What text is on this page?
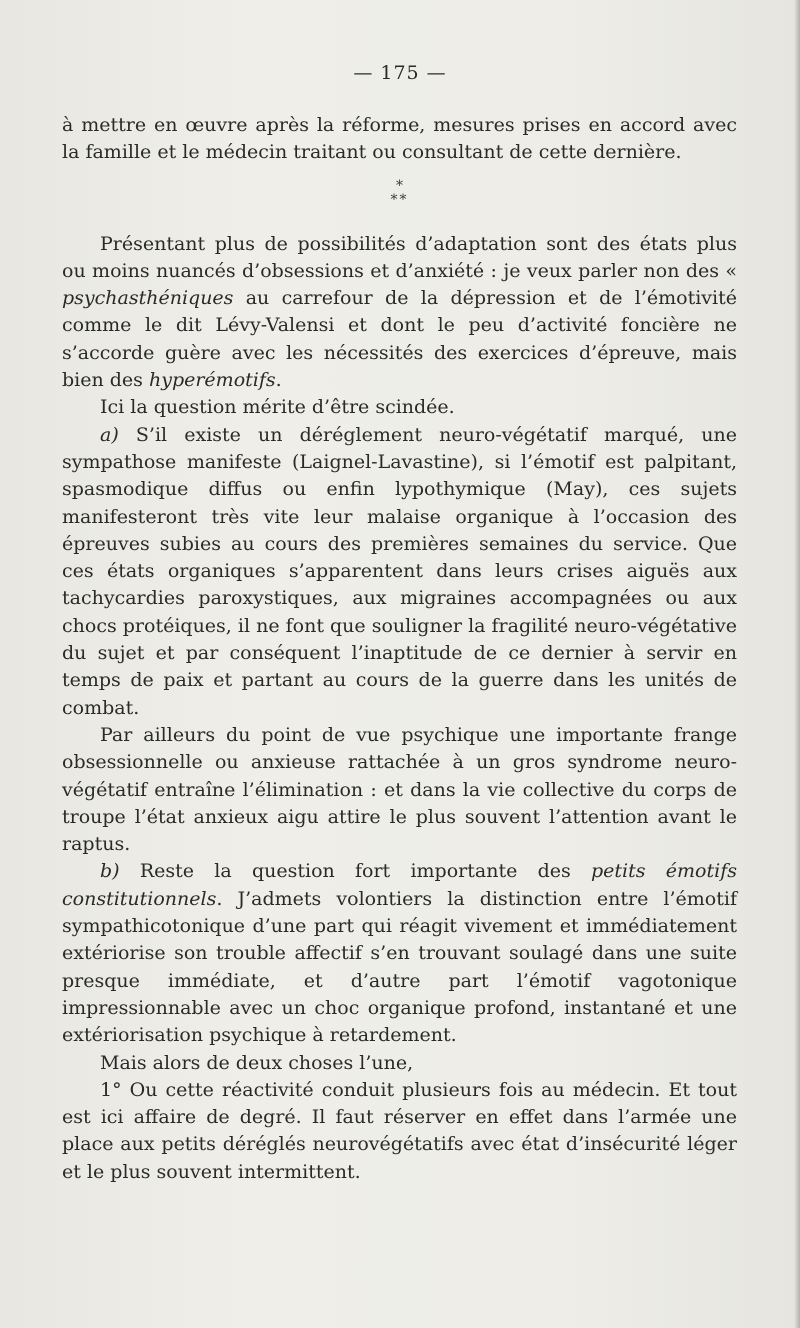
— 175 —

à mettre en œuvre après la réforme, mesures prises en accord avec la famille et le médecin traitant ou consultant de cette dernière.

*
**

Présentant plus de possibilités d’adaptation sont des états plus ou moins nuancés d’obsessions et d’anxiété : je veux parler non des « psychasthéniques au carrefour de la dépression et de l’émotivité comme le dit Lévy-Valensi et dont le peu d’activité foncière ne s’accorde guère avec les nécessités des exercices d’épreuve, mais bien des hyperémotifs.

Ici la question mérite d’être scindée.

a) S’il existe un déréglement neuro-végétatif marqué, une sympathose manifeste (Laignel-Lavastine), si l’émotif est palpitant, spasmodique diffus ou enfin lypothymique (May), ces sujets manifesteront très vite leur malaise organique à l’occasion des épreuves subies au cours des premières semaines du service. Que ces états organiques s’apparentent dans leurs crises aiguës aux tachycardies paroxystiques, aux migraines accompagnées ou aux chocs protéiques, il ne font que souligner la fragilité neuro-végétative du sujet et par conséquent l’inaptitude de ce dernier à servir en temps de paix et partant au cours de la guerre dans les unités de combat.

Par ailleurs du point de vue psychique une importante frange obsessionnelle ou anxieuse rattachée à un gros syndrome neuro-végétatif entraîne l’élimination : et dans la vie collective du corps de troupe l’état anxieux aigu attire le plus souvent l’attention avant le raptus.

b) Reste la question fort importante des petits émotifs constitutionnels. J’admets volontiers la distinction entre l’émotif sympathicotonique d’une part qui réagit vivement et immédiatement extériorise son trouble affectif s’en trouvant soulagé dans une suite presque immédiate, et d’autre part l’émotif vagotonique impressionnable avec un choc organique profond, instantané et une extériorisation psychique à retardement.

Mais alors de deux choses l’une,

1° Ou cette réactivité conduit plusieurs fois au médecin. Et tout est ici affaire de degré. Il faut réserver en effet dans l’armée une place aux petits déréglés neurovégétatifs avec état d’insécurité léger et le plus souvent intermittent.
